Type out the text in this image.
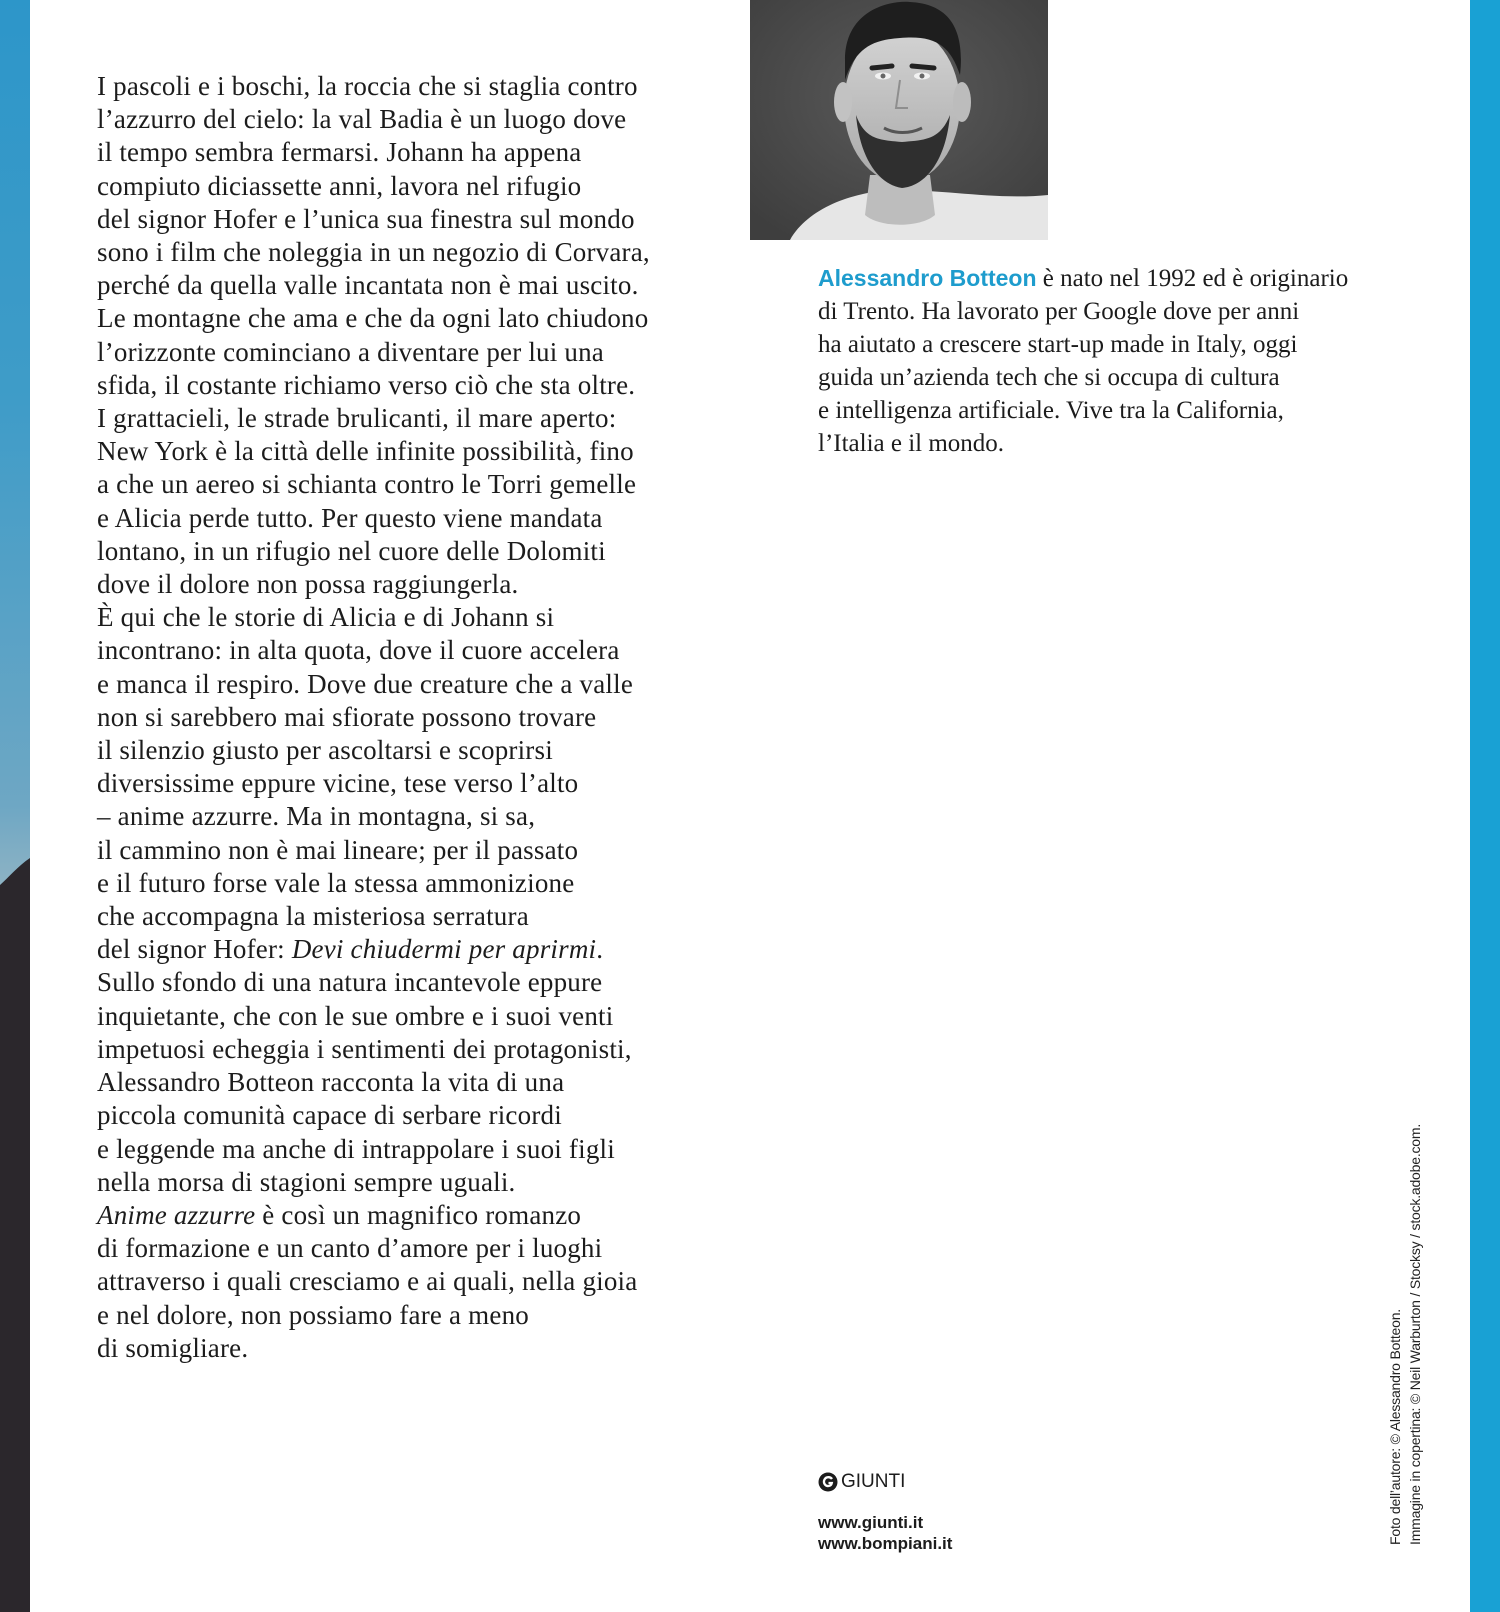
I pascoli e i boschi, la roccia che si staglia contro
l’azzurro del cielo: la val Badia è un luogo dove
il tempo sembra fermarsi. Johann ha appena
compiuto diciassette anni, lavora nel rifugio
del signor Hofer e l’unica sua finestra sul mondo
sono i film che noleggia in un negozio di Corvara,
perché da quella valle incantata non è mai uscito.
Le montagne che ama e che da ogni lato chiudono
l’orizzonte cominciano a diventare per lui una
sfida, il costante richiamo verso ciò che sta oltre.
I grattacieli, le strade brulicanti, il mare aperto:
New York è la città delle infinite possibilità, fino
a che un aereo si schianta contro le Torri gemelle
e Alicia perde tutto. Per questo viene mandata
lontano, in un rifugio nel cuore delle Dolomiti
dove il dolore non possa raggiungerla.
È qui che le storie di Alicia e di Johann si
incontrano: in alta quota, dove il cuore accelera
e manca il respiro. Dove due creature che a valle
non si sarebbero mai sfiorate possono trovare
il silenzio giusto per ascoltarsi e scoprirsi
diversissime eppure vicine, tese verso l’alto
– anime azzurre. Ma in montagna, si sa,
il cammino non è mai lineare; per il passato
e il futuro forse vale la stessa ammonizione
che accompagna la misteriosa serratura
del signor Hofer: Devi chiudermi per aprirmi.
Sullo sfondo di una natura incantevole eppure
inquietante, che con le sue ombre e i suoi venti
impetuosi echeggia i sentimenti dei protagonisti,
Alessandro Botteon racconta la vita di una
piccola comunità capace di serbare ricordi
e leggende ma anche di intrappolare i suoi figli
nella morsa di stagioni sempre uguali.
Anime azzurre è così un magnifico romanzo
di formazione e un canto d’amore per i luoghi
attraverso i quali cresciamo e ai quali, nella gioia
e nel dolore, non possiamo fare a meno
di somigliare.
Alessandro Botteon è nato nel 1992 ed è originario
di Trento. Ha lavorato per Google dove per anni
ha aiutato a crescere start-up made in Italy, oggi
guida un’azienda tech che si occupa di cultura
e intelligenza artificiale. Vive tra la California,
l’Italia e il mondo.
GIUNTI
www.giunti.it
www.bompiani.it	Foto dell’autore: © Alessandro Botteon. Immagine in copertina: © Neil Warburton / Stocksy / stock.adobe.com.
